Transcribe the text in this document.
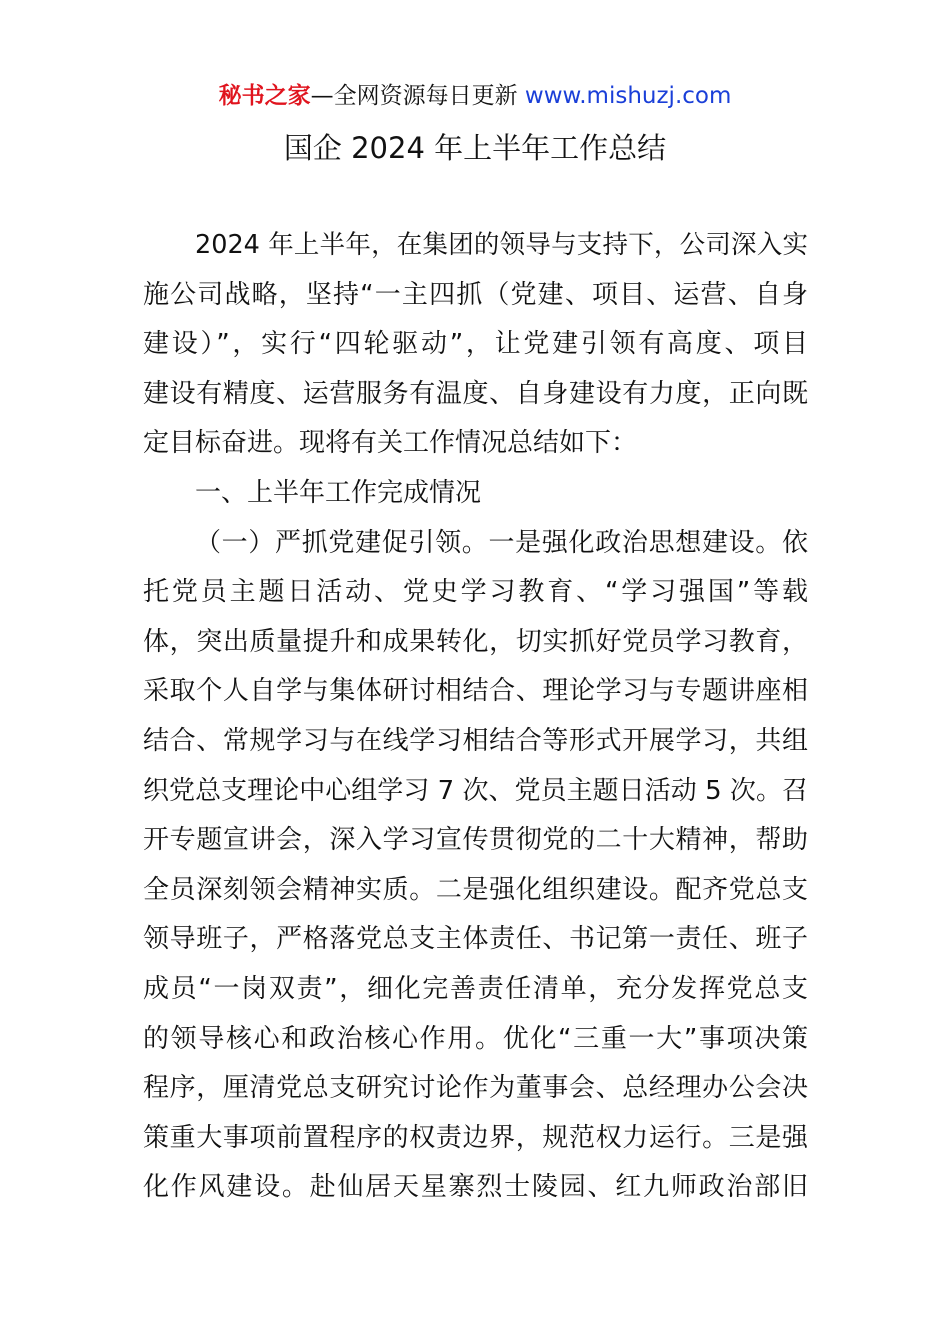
秘书之家—全网资源每日更新 www.mishuzj.com
国企 2024 年上半年工作总结
2024 年上半年，在集团的领导与支持下，公司深入实
施公司战略，坚持“一主四抓（党建、项目、运营、自身
建设）”，实行“四轮驱动”，让党建引领有高度、项目
建设有精度、运营服务有温度、自身建设有力度，正向既
定目标奋进。现将有关工作情况总结如下：
一、上半年工作完成情况
（一）严抓党建促引领。一是强化政治思想建设。依
托党员主题日活动、党史学习教育、“学习强国”等载
体，突出质量提升和成果转化，切实抓好党员学习教育，
采取个人自学与集体研讨相结合、理论学习与专题讲座相
结合、常规学习与在线学习相结合等形式开展学习，共组
织党总支理论中心组学习 7 次、党员主题日活动 5 次。召
开专题宣讲会，深入学习宣传贯彻党的二十大精神，帮助
全员深刻领会精神实质。二是强化组织建设。配齐党总支
领导班子，严格落党总支主体责任、书记第一责任、班子
成员“一岗双责”，细化完善责任清单，充分发挥党总支
的领导核心和政治核心作用。优化“三重一大”事项决策
程序，厘清党总支研究讨论作为董事会、总经理办公会决
策重大事项前置程序的权责边界，规范权力运行。三是强
化作风建设。赴仙居天星寨烈士陵园、红九师政治部旧
